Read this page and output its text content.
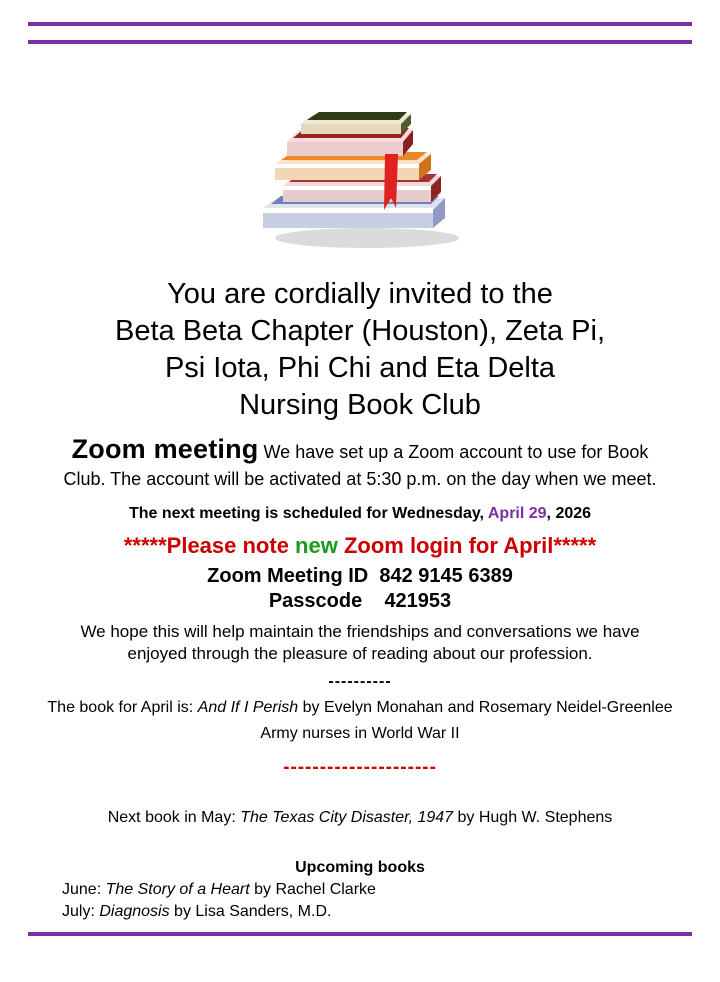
You are cordially invited to the
Beta Beta Chapter (Houston), Zeta Pi,
Psi Iota, Phi Chi and Eta Delta
Nursing Book Club
Zoom meeting We have set up a Zoom account to use for Book
Club. The account will be activated at 5:30 p.m. on the day when we meet.
The next meeting is scheduled for Wednesday, April 29, 2026
*****Please note new Zoom login for April*****
Zoom Meeting ID 842 9145 6389
Passcode 421953
We hope this will help maintain the friendships and conversations we have
enjoyed through the pleasure of reading about our profession.
----------
The book for April is: And If I Perish by Evelyn Monahan and Rosemary Neidel-Greenlee
Army nurses in World War II
---------------------
Next book in May: The Texas City Disaster, 1947 by Hugh W. Stephens
Upcoming books
June: The Story of a Heart by Rachel Clarke
July: Diagnosis by Lisa Sanders, M.D.
